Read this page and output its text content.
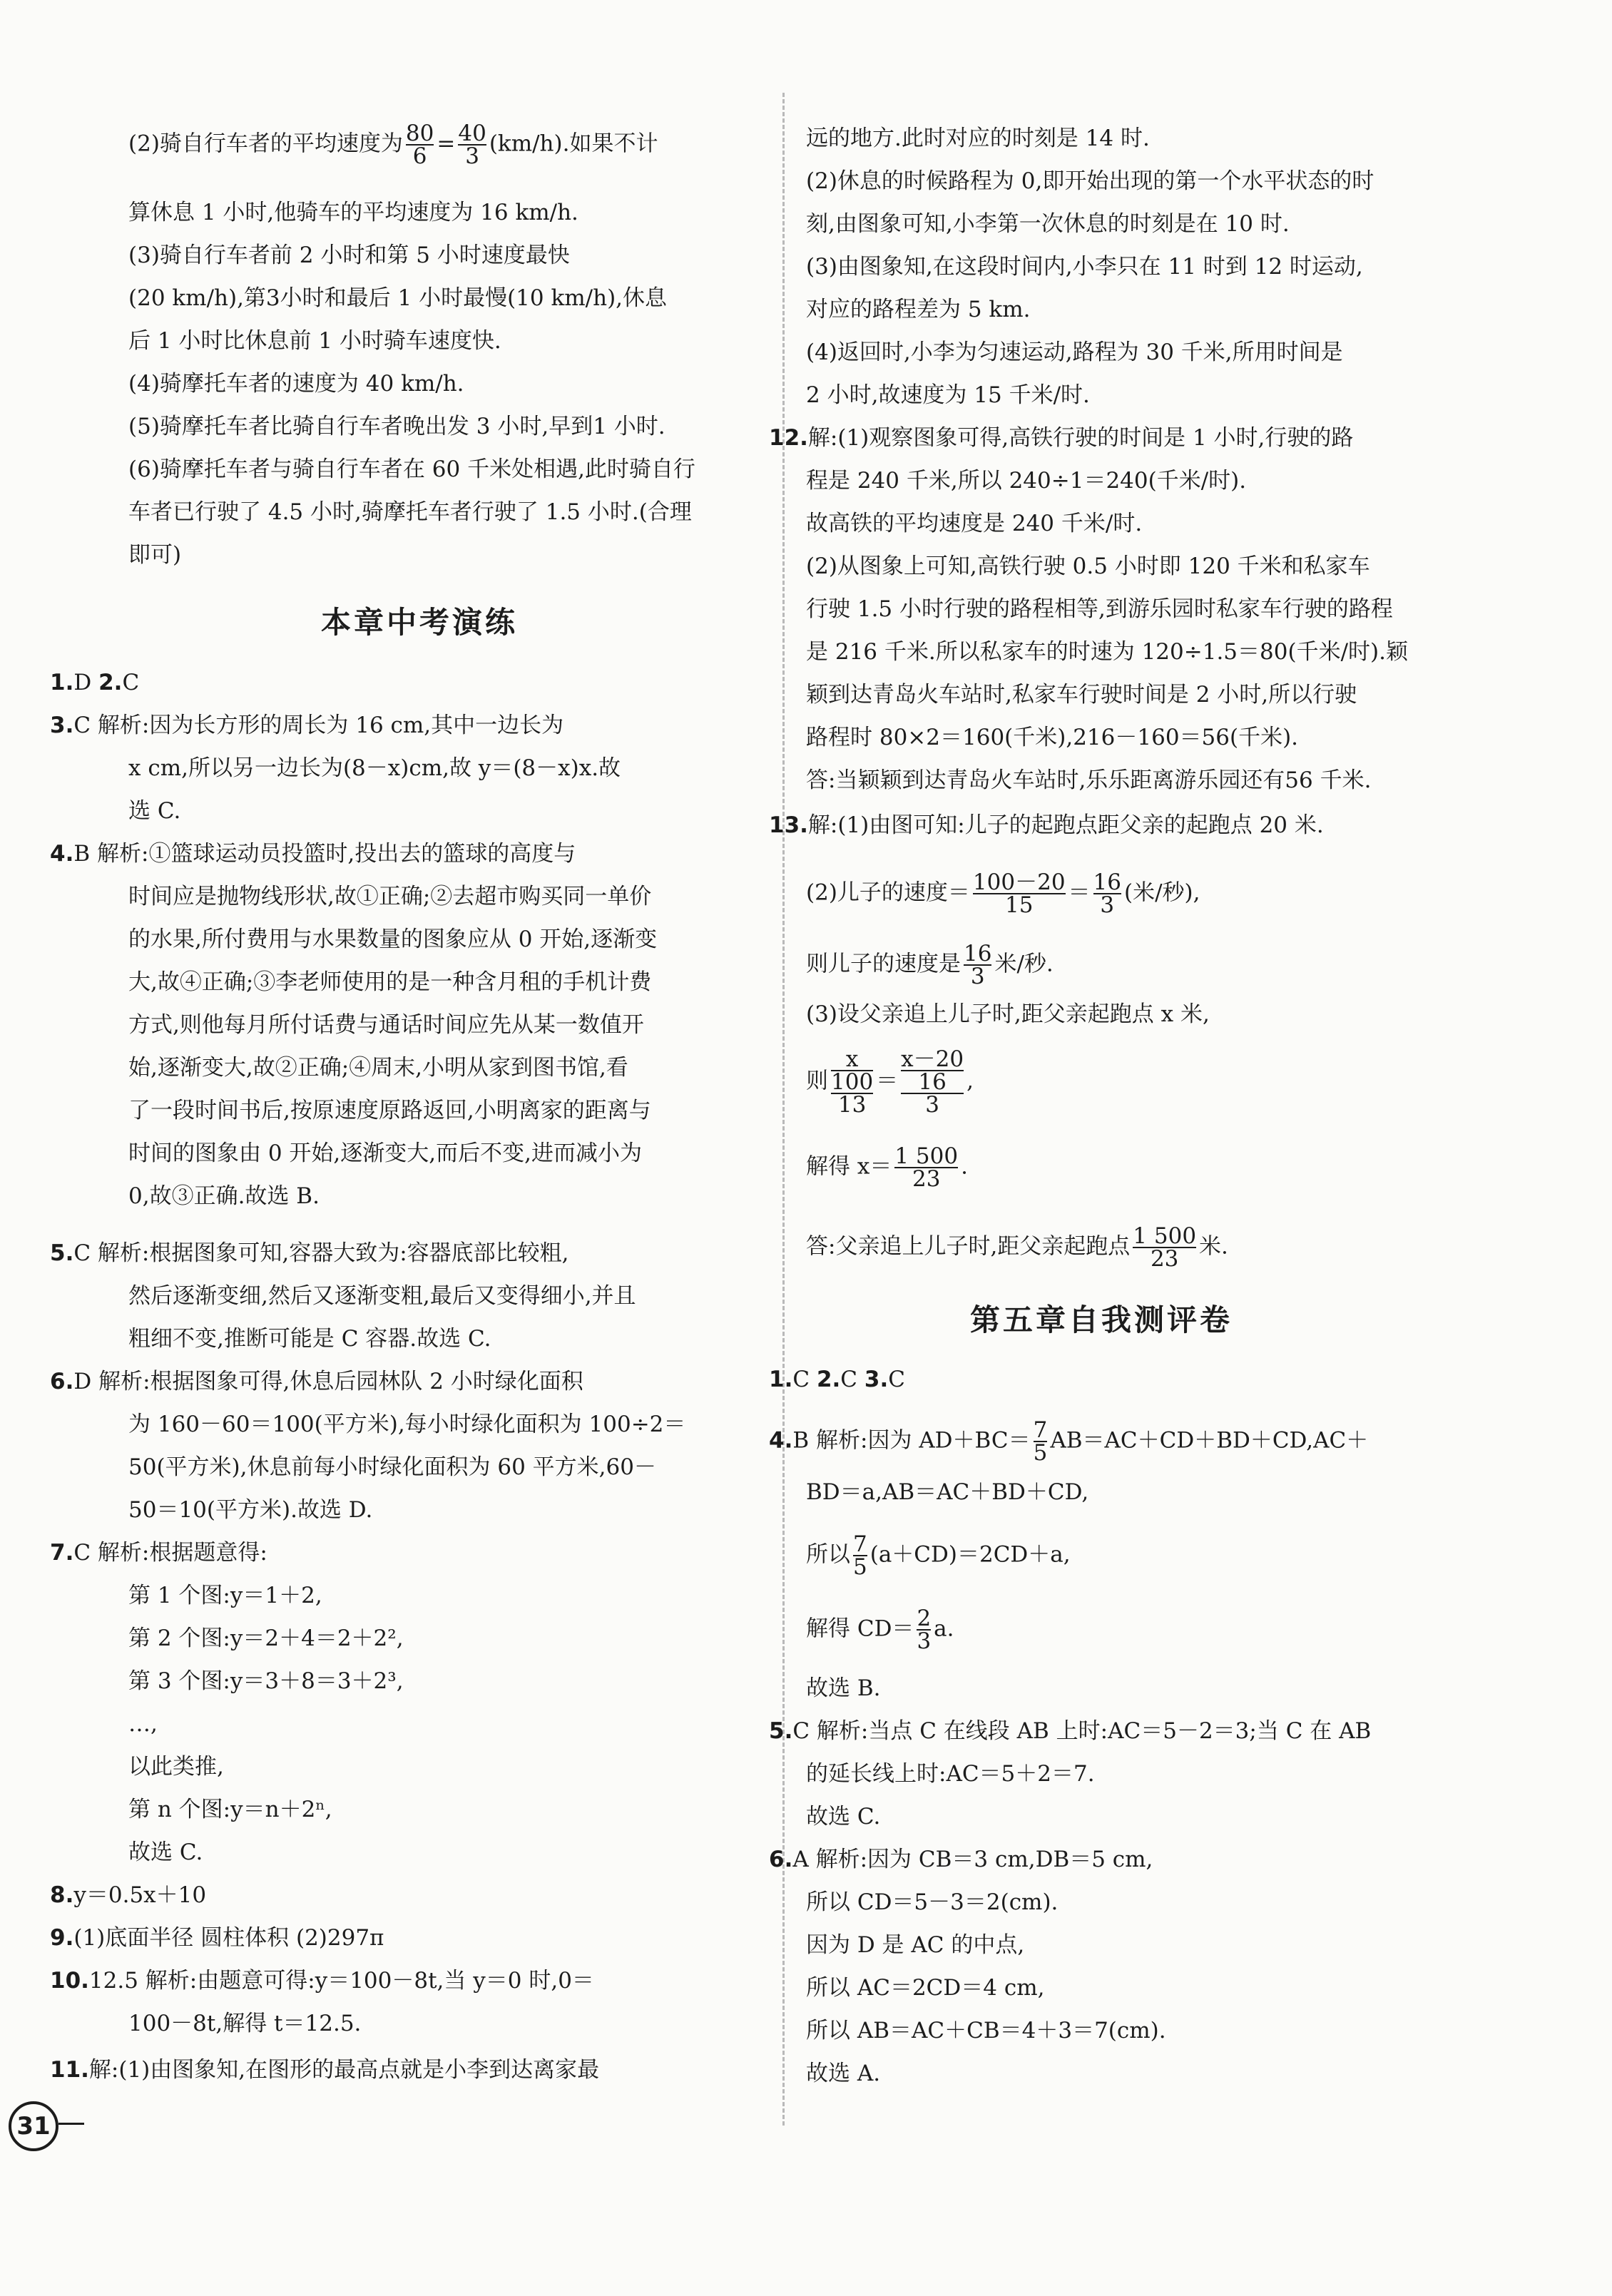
(2)骑自行车者的平均速度为 $\frac{80}{6} = \frac{40}{3} (km/h)$.如果不计
算休息 1 小时,他骑车的平均速度为 16 km/h.
(3)骑自行车者前 2 小时和第 5 小时速度最快
(20 km/h),第3小时和最后 1 小时最慢(10 km/h),休息
后 1 小时比休息前 1 小时骑车速度快.
(4)骑摩托车者的速度为 40 km/h.
(5)骑摩托车者比骑自行车者晚出发 3 小时,早到1 小时.
(6)骑摩托车者与骑自行车者在 60 千米处相遇,此时骑自行
车者已行驶了 4.5 小时,骑摩托车者行驶了 1.5 小时.(合理
即可)
本章中考演练
1.D 2.C
3.C 解析:因为长方形的周长为 16 cm,其中一边长为
x cm,所以另一边长为(8－x)cm,故 y＝(8－x)x.故
选 C.
4.B 解析:①篮球运动员投篮时,投出去的篮球的高度与
时间应是抛物线形状,故①正确;②去超市购买同一单价
的水果,所付费用与水果数量的图象应从 0 开始,逐渐变
大,故④正确;③李老师使用的是一种含月租的手机计费
方式,则他每月所付话费与通话时间应先从某一数值开
始,逐渐变大,故②正确;④周末,小明从家到图书馆,看
了一段时间书后,按原速度原路返回,小明离家的距离与
时间的图象由 0 开始,逐渐变大,而后不变,进而减小为
0,故③正确.故选 B.
5.C 解析:根据图象可知,容器大致为:容器底部比较粗,
然后逐渐变细,然后又逐渐变粗,最后又变得细小,并且
粗细不变,推断可能是 C 容器.故选 C.
6.D 解析:根据图象可得,休息后园林队 2 小时绿化面积
为 160－60＝100(平方米),每小时绿化面积为 100÷2＝
50(平方米),休息前每小时绿化面积为 60 平方米,60－
50＝10(平方米).故选 D.
7.C 解析:根据题意得:
第 1 个图:y＝1＋2,
第 2 个图:y＝2＋4＝2＋2²,
第 3 个图:y＝3＋8＝3＋2³,
…,
以此类推,
第 n 个图:y＝n＋2ⁿ,
故选 C.
8.y＝0.5x＋10
9.(1)底面半径 圆柱体积 (2)297π
10.12.5 解析:由题意可得:y＝100－8t,当 y＝0 时,0＝
100－8t,解得 t＝12.5.
11.解:(1)由图象知,在图形的最高点就是小李到达离家最
远的地方.此时对应的时刻是 14 时.
(2)休息的时候路程为 0,即开始出现的第一个水平状态的时
刻,由图象可知,小李第一次休息的时刻是在 10 时.
(3)由图象知,在这段时间内,小李只在 11 时到 12 时运动,
对应的路程差为 5 km.
(4)返回时,小李为匀速运动,路程为 30 千米,所用时间是
2 小时,故速度为 15 千米/时.
12.解:(1)观察图象可得,高铁行驶的时间是 1 小时,行驶的路
程是 240 千米,所以 240÷1＝240(千米/时).
故高铁的平均速度是 240 千米/时.
(2)从图象上可知,高铁行驶 0.5 小时即 120 千米和私家车
行驶 1.5 小时行驶的路程相等,到游乐园时私家车行驶的路程
是 216 千米.所以私家车的时速为 120÷1.5＝80(千米/时).颖
颖到达青岛火车站时,私家车行驶时间是 2 小时,所以行驶
路程时 80×2＝160(千米),216－160＝56(千米).
答:当颖颖到达青岛火车站时,乐乐距离游乐园还有56 千米.
13.解:(1)由图可知:儿子的起跑点距父亲的起跑点 20 米.
(2)儿子的速度＝ $\frac{100-20}{15} = \frac{16}{3}$ (米/秒),
则儿子的速度是 $\frac{16}{3}$ 米/秒.
(3)设父亲追上儿子时,距父亲起跑点 x 米,
则
x
100
13
＝
x－20
16
3
,
解得 $x= \frac{1 500}{23}$ .
答:父亲追上儿子时,距父亲起跑点 $\frac{1 500}{23}$ 米.
第五章自我测评卷
1.C 2.C 3.C
4.B 解析:因为 $AD+BC= \frac{7}{5} AB=AC+CD+BD+CD,AC+$
BD＝a,AB＝AC＋BD＋CD,
所以 $\frac{7}{5} (a+CD)=2CD+a$,
解得 $CD= \frac{2}{3} a$.
故选 B.
5.C 解析:当点 C 在线段 AB 上时:AC＝5－2＝3;当 C 在 AB
的延长线上时:AC＝5＋2＝7.
故选 C.
6.A 解析:因为 CB＝3 cm,DB＝5 cm,
所以 CD＝5－3＝2(cm).
因为 D 是 AC 的中点,
所以 AC＝2CD＝4 cm,
所以 AB＝AC＋CB＝4＋3＝7(cm).
故选 A.
31
